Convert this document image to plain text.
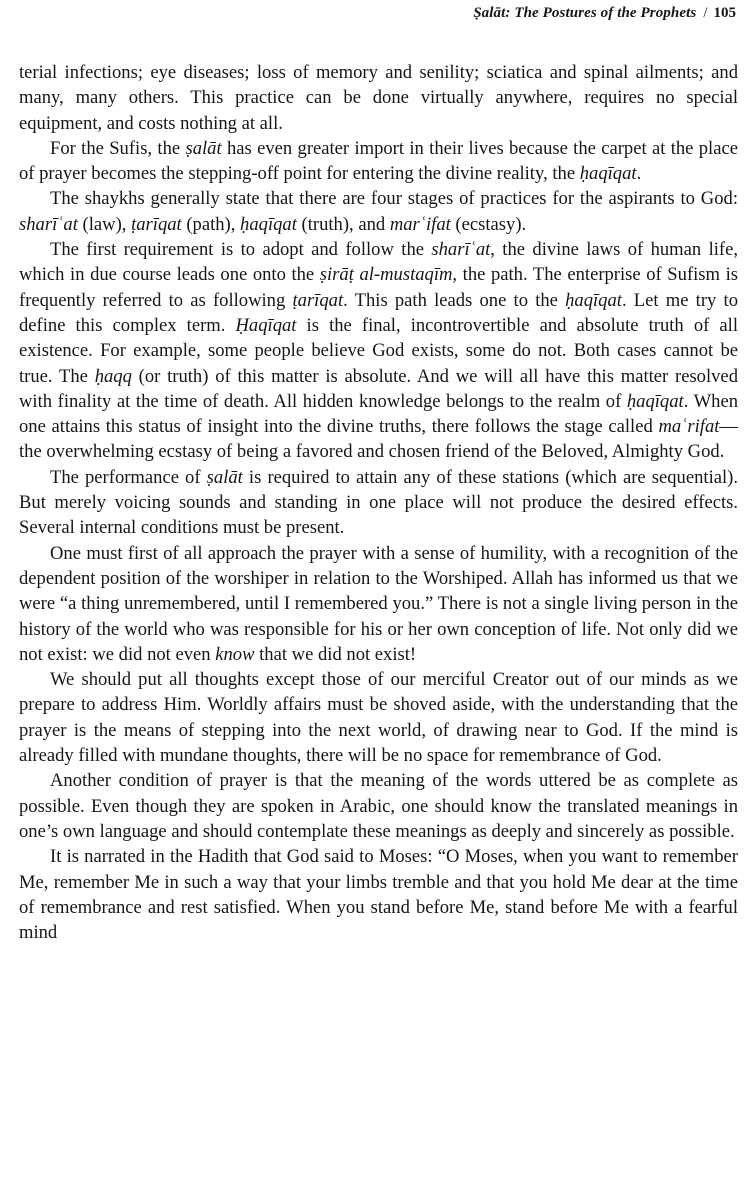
Ṣalāt: The Postures of the Prophets / 105

terial infections; eye diseases; loss of memory and senility; sciatica and spinal ailments; and many, many others. This practice can be done virtually anywhere, requires no special equipment, and costs nothing at all.

For the Sufis, the ṣalāt has even greater import in their lives because the carpet at the place of prayer becomes the stepping-off point for entering the divine reality, the ḥaqīqat.

The shaykhs generally state that there are four stages of practices for the aspirants to God: sharīʿat (law), ṭarīqat (path), ḥaqīqat (truth), and marʿifat (ecstasy).

The first requirement is to adopt and follow the sharīʿat, the divine laws of human life, which in due course leads one onto the ṣirāṭ al-mustaqīm, the path. The enterprise of Sufism is frequently referred to as following ṭarīqat. This path leads one to the ḥaqīqat. Let me try to define this complex term. Ḥaqīqat is the final, incontrovertible and absolute truth of all existence. For example, some people believe God exists, some do not. Both cases cannot be true. The ḥaqq (or truth) of this matter is absolute. And we will all have this matter resolved with finality at the time of death. All hidden knowledge belongs to the realm of ḥaqīqat. When one attains this status of insight into the divine truths, there follows the stage called maʿrifat—the overwhelming ecstasy of being a favored and chosen friend of the Beloved, Almighty God.

The performance of ṣalāt is required to attain any of these stations (which are sequential). But merely voicing sounds and standing in one place will not produce the desired effects. Several internal conditions must be present.

One must first of all approach the prayer with a sense of humility, with a recognition of the dependent position of the worshiper in relation to the Worshiped. Allah has informed us that we were “a thing unremembered, until I remembered you.” There is not a single living person in the history of the world who was responsible for his or her own conception of life. Not only did we not exist: we did not even know that we did not exist!

We should put all thoughts except those of our merciful Creator out of our minds as we prepare to address Him. Worldly affairs must be shoved aside, with the understanding that the prayer is the means of stepping into the next world, of drawing near to God. If the mind is already filled with mundane thoughts, there will be no space for remembrance of God.

Another condition of prayer is that the meaning of the words uttered be as complete as possible. Even though they are spoken in Arabic, one should know the translated meanings in one’s own language and should contemplate these meanings as deeply and sincerely as possible.

It is narrated in the Hadith that God said to Moses: “O Moses, when you want to remember Me, remember Me in such a way that your limbs tremble and that you hold Me dear at the time of remembrance and rest satisfied. When you stand before Me, stand before Me with a fearful mind
